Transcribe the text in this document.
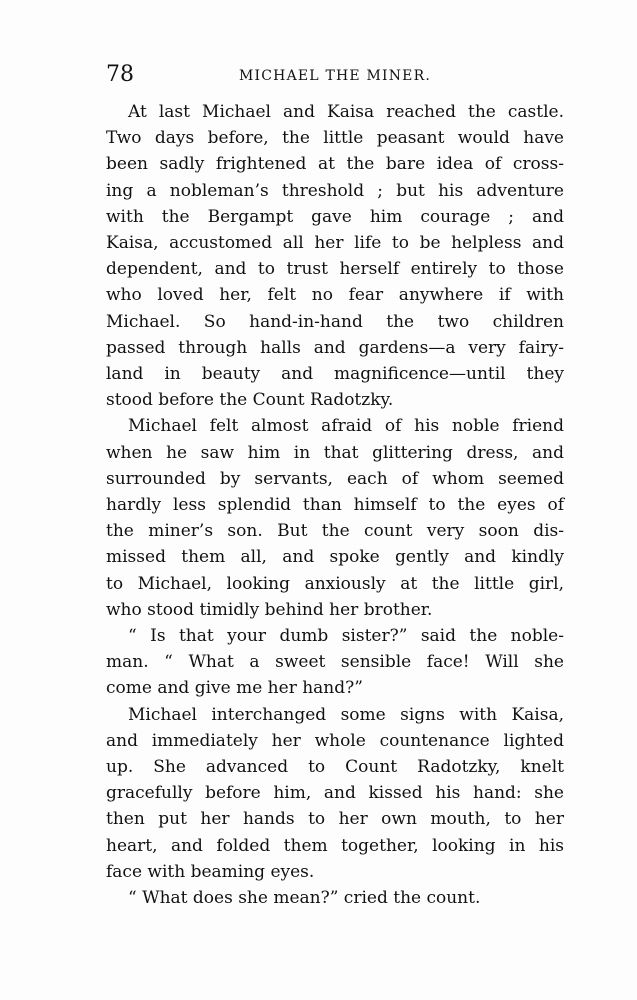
78	MICHAEL THE MINER.

At last Michael and Kaisa reached the castle.
Two days before, the little peasant would have
been sadly frightened at the bare idea of cross-
ing a nobleman’s threshold ; but his adventure
with the Bergampt gave him courage ; and
Kaisa, accustomed all her life to be helpless and
dependent, and to trust herself entirely to those
who loved her, felt no fear anywhere if with
Michael. So hand-in-hand the two children
passed through halls and gardens—a very fairy-
land in beauty and magnificence—until they
stood before the Count Radotzky.

Michael felt almost afraid of his noble friend
when he saw him in that glittering dress, and
surrounded by servants, each of whom seemed
hardly less splendid than himself to the eyes of
the miner’s son. But the count very soon dis-
missed them all, and spoke gently and kindly
to Michael, looking anxiously at the little girl,
who stood timidly behind her brother.

“ Is that your dumb sister?” said the noble-
man. “ What a sweet sensible face! Will she
come and give me her hand?”

Michael interchanged some signs with Kaisa,
and immediately her whole countenance lighted
up. She advanced to Count Radotzky, knelt
gracefully before him, and kissed his hand: she
then put her hands to her own mouth, to her
heart, and folded them together, looking in his
face with beaming eyes.

“ What does she mean?” cried the count.
